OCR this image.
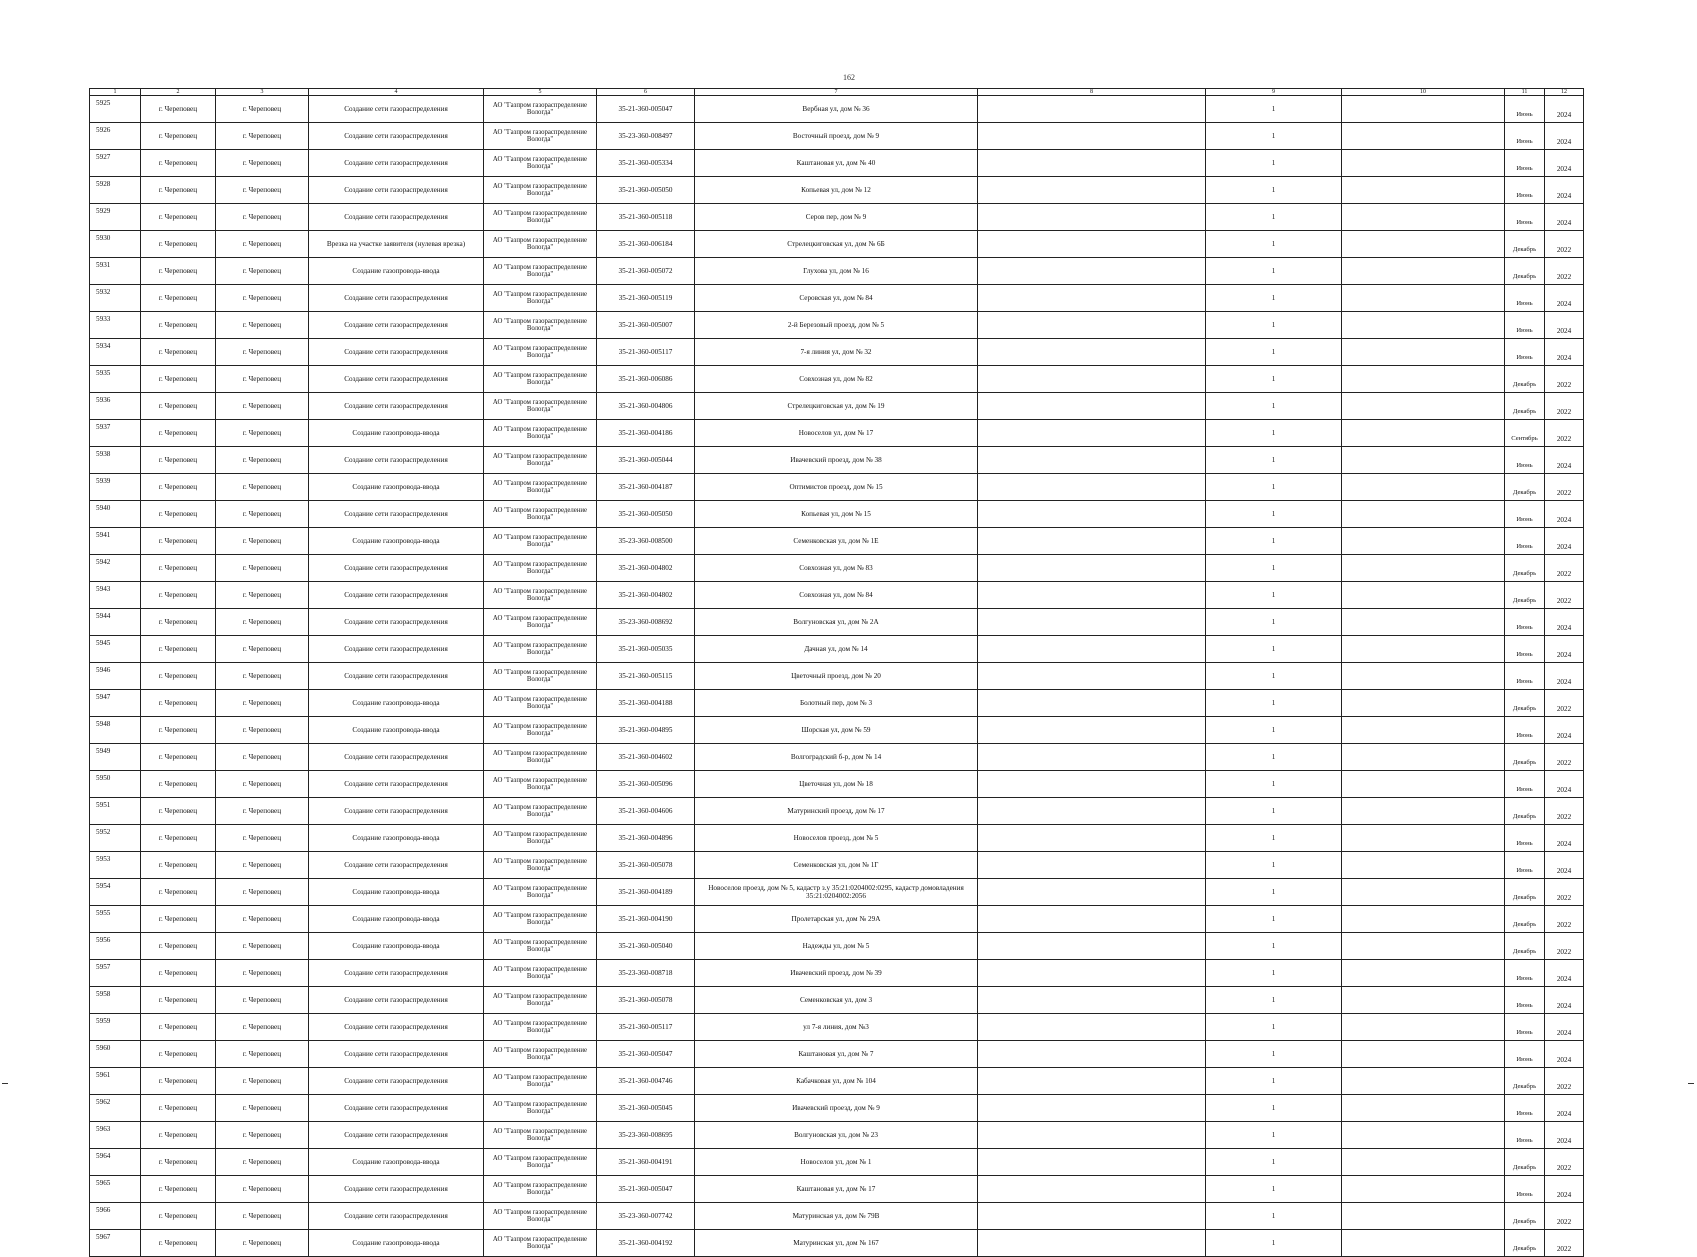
162
1	2	3	4	5	6	7	8	9	10	11	12
5925	г. Череповец	г. Череповец	Создание сети газораспределения	АО "Газпром газораспределение Вологда"	35-21-360-005047	Вербная ул, дом № 36		1		Июнь	2024
5926	г. Череповец	г. Череповец	Создание сети газораспределения	АО "Газпром газораспределение Вологда"	35-23-360-008497	Восточный проезд, дом № 9		1		Июнь	2024
5927	г. Череповец	г. Череповец	Создание сети газораспределения	АО "Газпром газораспределение Вологда"	35-21-360-005334	Каштановая ул, дом № 40		1		Июнь	2024
5928	г. Череповец	г. Череповец	Создание сети газораспределения	АО "Газпром газораспределение Вологда"	35-21-360-005050	Копьевая ул, дом № 12		1		Июнь	2024
5929	г. Череповец	г. Череповец	Создание сети газораспределения	АО "Газпром газораспределение Вологда"	35-21-360-005118	Серов пер, дом № 9		1		Июнь	2024
5930	г. Череповец	г. Череповец	Врезка на участке заявителя (нулевая врезка)	АО "Газпром газораспределение Вологда"	35-21-360-006184	Стрелецкиговская ул, дом № 6Б		1		Декабрь	2022
5931	г. Череповец	г. Череповец	Создание газопровода-ввода	АО "Газпром газораспределение Вологда"	35-21-360-005072	Глухова ул, дом № 16		1		Декабрь	2022
5932	г. Череповец	г. Череповец	Создание сети газораспределения	АО "Газпром газораспределение Вологда"	35-21-360-005119	Серовская ул, дом № 84		1		Июнь	2024
5933	г. Череповец	г. Череповец	Создание сети газораспределения	АО "Газпром газораспределение Вологда"	35-21-360-005007	2-й Березовый проезд, дом № 5		1		Июнь	2024
5934	г. Череповец	г. Череповец	Создание сети газораспределения	АО "Газпром газораспределение Вологда"	35-21-360-005117	7-я линия ул, дом № 32		1		Июнь	2024
5935	г. Череповец	г. Череповец	Создание сети газораспределения	АО "Газпром газораспределение Вологда"	35-21-360-006086	Совхозная ул, дом № 82		1		Декабрь	2022
5936	г. Череповец	г. Череповец	Создание сети газораспределения	АО "Газпром газораспределение Вологда"	35-21-360-004806	Стрелецкиговская ул, дом № 19		1		Декабрь	2022
5937	г. Череповец	г. Череповец	Создание газопровода-ввода	АО "Газпром газораспределение Вологда"	35-21-360-004186	Новоселов ул, дом № 17		1		Сентябрь	2022
5938	г. Череповец	г. Череповец	Создание сети газораспределения	АО "Газпром газораспределение Вологда"	35-21-360-005044	Ивачевский проезд, дом № 38		1		Июнь	2024
5939	г. Череповец	г. Череповец	Создание газопровода-ввода	АО "Газпром газораспределение Вологда"	35-21-360-004187	Оптимистов проезд, дом № 15		1		Декабрь	2022
5940	г. Череповец	г. Череповец	Создание сети газораспределения	АО "Газпром газораспределение Вологда"	35-21-360-005050	Копьевая ул, дом № 15		1		Июнь	2024
5941	г. Череповец	г. Череповец	Создание газопровода-ввода	АО "Газпром газораспределение Вологда"	35-23-360-008500	Семенковская ул, дом № 1Е		1		Июнь	2024
5942	г. Череповец	г. Череповец	Создание сети газораспределения	АО "Газпром газораспределение Вологда"	35-21-360-004802	Совхозная ул, дом № 83		1		Декабрь	2022
5943	г. Череповец	г. Череповец	Создание сети газораспределения	АО "Газпром газораспределение Вологда"	35-21-360-004802	Совхозная ул, дом № 84		1		Декабрь	2022
5944	г. Череповец	г. Череповец	Создание сети газораспределения	АО "Газпром газораспределение Вологда"	35-23-360-008692	Волгуновская ул, дом № 2А		1		Июнь	2024
5945	г. Череповец	г. Череповец	Создание сети газораспределения	АО "Газпром газораспределение Вологда"	35-21-360-005035	Дачная ул, дом № 14		1		Июнь	2024
5946	г. Череповец	г. Череповец	Создание сети газораспределения	АО "Газпром газораспределение Вологда"	35-21-360-005115	Цветочный проезд, дом № 20		1		Июнь	2024
5947	г. Череповец	г. Череповец	Создание газопровода-ввода	АО "Газпром газораспределение Вологда"	35-21-360-004188	Болотный пер, дом № 3		1		Декабрь	2022
5948	г. Череповец	г. Череповец	Создание газопровода-ввода	АО "Газпром газораспределение Вологда"	35-21-360-004895	Шорская ул, дом № 59		1		Июнь	2024
5949	г. Череповец	г. Череповец	Создание сети газораспределения	АО "Газпром газораспределение Вологда"	35-21-360-004602	Волгоградский б-р, дом № 14		1		Декабрь	2022
5950	г. Череповец	г. Череповец	Создание сети газораспределения	АО "Газпром газораспределение Вологда"	35-21-360-005096	Цветочная ул, дом № 18		1		Июнь	2024
5951	г. Череповец	г. Череповец	Создание сети газораспределения	АО "Газпром газораспределение Вологда"	35-21-360-004606	Матуринский проезд, дом № 17		1		Декабрь	2022
5952	г. Череповец	г. Череповец	Создание газопровода-ввода	АО "Газпром газораспределение Вологда"	35-21-360-004896	Новоселов проезд, дом № 5		1		Июнь	2024
5953	г. Череповец	г. Череповец	Создание сети газораспределения	АО "Газпром газораспределение Вологда"	35-21-360-005078	Семенковская ул, дом № 1Г		1		Июнь	2024
5954	г. Череповец	г. Череповец	Создание газопровода-ввода	АО "Газпром газораспределение Вологда"	35-21-360-004189	Новоселов проезд, дом № 5, кадастр з.у 35:21:0204002:0295, кадастр домовладения 35:21:0204002:2056		1		Декабрь	2022
5955	г. Череповец	г. Череповец	Создание газопровода-ввода	АО "Газпром газораспределение Вологда"	35-21-360-004190	Пролетарская ул, дом № 29А		1		Декабрь	2022
5956	г. Череповец	г. Череповец	Создание газопровода-ввода	АО "Газпром газораспределение Вологда"	35-21-360-005040	Надежды ул, дом № 5		1		Декабрь	2022
5957	г. Череповец	г. Череповец	Создание сети газораспределения	АО "Газпром газораспределение Вологда"	35-23-360-008718	Ивачевский проезд, дом № 39		1		Июнь	2024
5958	г. Череповец	г. Череповец	Создание сети газораспределения	АО "Газпром газораспределение Вологда"	35-21-360-005078	Семенковская ул, дом 3		1		Июнь	2024
5959	г. Череповец	г. Череповец	Создание сети газораспределения	АО "Газпром газораспределение Вологда"	35-21-360-005117	ул 7-я линия, дом №3		1		Июнь	2024
5960	г. Череповец	г. Череповец	Создание сети газораспределения	АО "Газпром газораспределение Вологда"	35-21-360-005047	Каштановая ул, дом № 7		1		Июнь	2024
5961	г. Череповец	г. Череповец	Создание сети газораспределения	АО "Газпром газораспределение Вологда"	35-21-360-004746	Кабачковая ул, дом № 104		1		Декабрь	2022
5962	г. Череповец	г. Череповец	Создание сети газораспределения	АО "Газпром газораспределение Вологда"	35-21-360-005045	Ивачевский проезд, дом № 9		1		Июнь	2024
5963	г. Череповец	г. Череповец	Создание сети газораспределения	АО "Газпром газораспределение Вологда"	35-23-360-008695	Волгуновская ул, дом № 23		1		Июнь	2024
5964	г. Череповец	г. Череповец	Создание газопровода-ввода	АО "Газпром газораспределение Вологда"	35-21-360-004191	Новоселов ул, дом № 1		1		Декабрь	2022
5965	г. Череповец	г. Череповец	Создание сети газораспределения	АО "Газпром газораспределение Вологда"	35-21-360-005047	Каштановая ул, дом № 17		1		Июнь	2024
5966	г. Череповец	г. Череповец	Создание сети газораспределения	АО "Газпром газораспределение Вологда"	35-23-360-007742	Матуринская ул, дом № 79В		1		Декабрь	2022
5967	г. Череповец	г. Череповец	Создание газопровода-ввода	АО "Газпром газораспределение Вологда"	35-21-360-004192	Матуринская ул, дом № 167		1		Декабрь	2022
